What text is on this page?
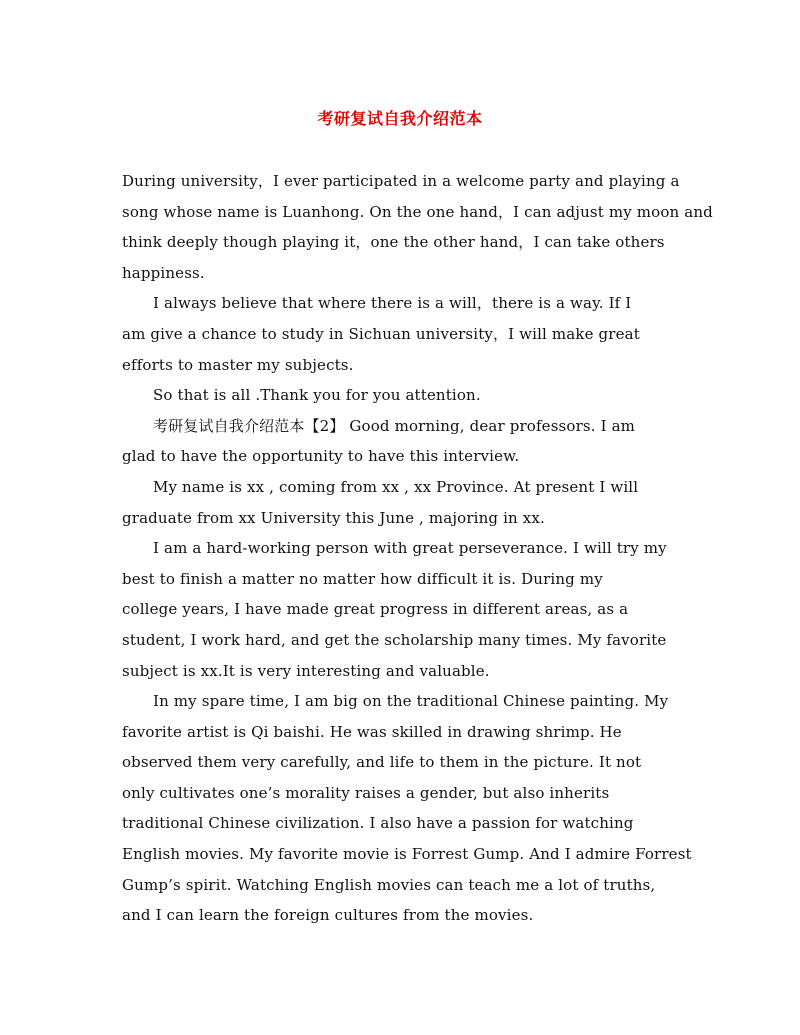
考研复试自我介绍范本
During university，I ever participated in a welcome party and playing a
song whose name is Luanhong. On the one hand，I can adjust my moon and
think deeply though playing it，one the other hand，I can take others
happiness.
I always believe that where there is a will，there is a way. If I
am give a chance to study in Sichuan university，I will make great
efforts to master my subjects.
So that is all .Thank you for you attention.
考研复试自我介绍范本【2】 Good morning, dear professors. I am
glad to have the opportunity to have this interview.
My name is xx , coming from xx , xx Province. At present I will
graduate from xx University this June , majoring in xx.
I am a hard-working person with great perseverance. I will try my
best to finish a matter no matter how difficult it is. During my
college years, I have made great progress in different areas, as a
student, I work hard, and get the scholarship many times. My favorite
subject is xx.It is very interesting and valuable.
In my spare time, I am big on the traditional Chinese painting. My
favorite artist is Qi baishi. He was skilled in drawing shrimp. He
observed them very carefully, and life to them in the picture. It not
only cultivates one’s morality raises a gender, but also inherits
traditional Chinese civilization. I also have a passion for watching
English movies. My favorite movie is Forrest Gump. And I admire Forrest
Gump’s spirit. Watching English movies can teach me a lot of truths,
and I can learn the foreign cultures from the movies.
